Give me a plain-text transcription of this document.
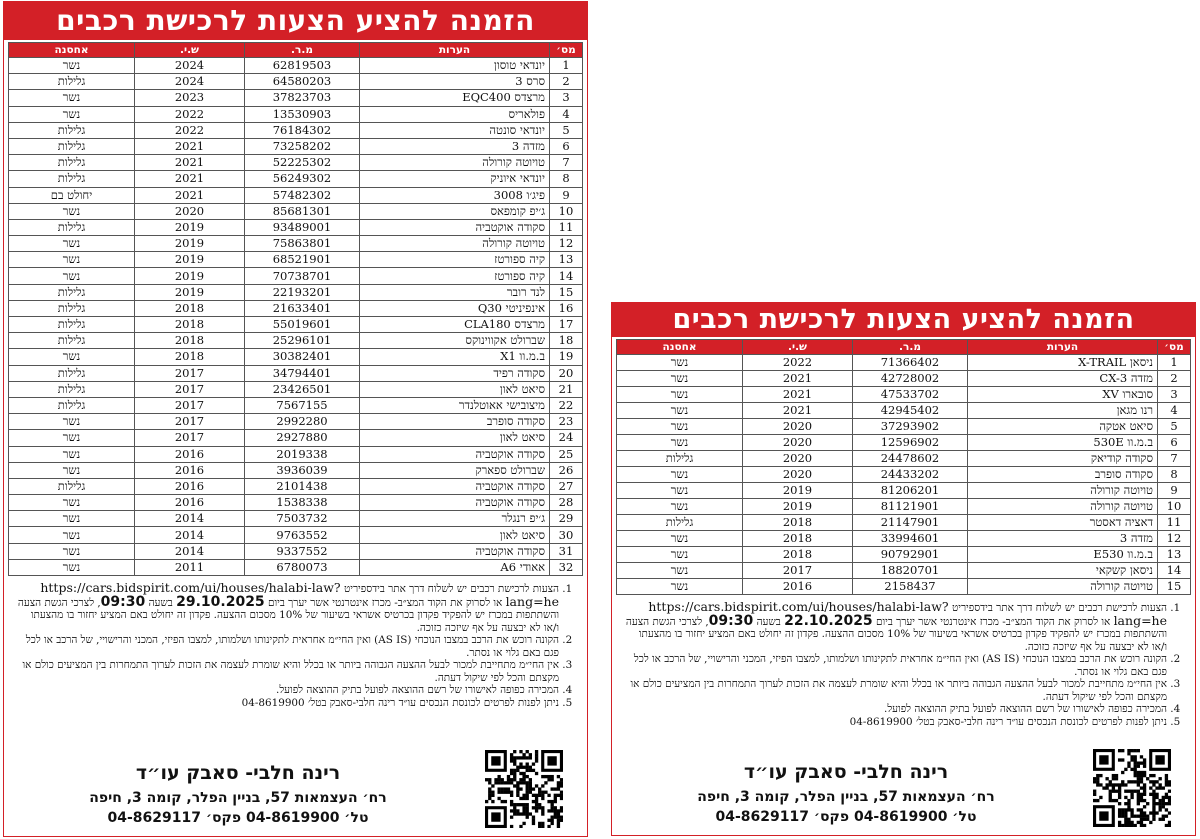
הזמנה להציע הצעות לרכישת רכבים
מס׳	הערות	מ.ר.	ש.י.	אחסנה
1	יונדאי טוסון	62819503	2024	נשר
2	סרס 3	64580203	2024	גלילות
3	מרצדס EQC400	37823703	2023	נשר
4	פולאריס	13530903	2022	נשר
5	יונדאי סונטה	76184302	2022	גלילות
6	מזדה 3	73258202	2021	גלילות
7	טויוטה קורולה	52225302	2021	גלילות
8	יונדאי איוניק	56249302	2021	גלילות
9	פיג׳ו 3008	57482302	2021	יחולט בם
10	ג׳יפ קומפאס	85681301	2020	נשר
11	סקודה אוקטביה	93489001	2019	גלילות
12	טויוטה קורולה	75863801	2019	נשר
13	קיה ספורטז	68521901	2019	נשר
14	קיה ספורטז	70738701	2019	נשר
15	לנד רובר	22193201	2019	גלילות
16	אינפיניטי Q30	21633401	2018	גלילות
17	מרצדס CLA180	55019601	2018	גלילות
18	שברולט אקווינוקס	25296101	2018	גלילות
19	ב.מ.וו X1	30382401	2018	נשר
20	סקודה רפיד	34794401	2017	גלילות
21	סיאט לאון	23426501	2017	גלילות
22	מיצובישי אאוטלנדר	7567155	2017	גלילות
23	סקודה סופרב	2992280	2017	נשר
24	סיאט לאון	2927880	2017	נשר
25	סקודה אוקטביה	2019338	2016	נשר
26	שברולט ספארק	3936039	2016	נשר
27	סקודה אוקטביה	2101438	2016	גלילות
28	סקודה אוקטביה	1538338	2016	נשר
29	ג׳יפ רנגלר	7503732	2014	נשר
30	סיאט לאון	9763552	2014	נשר
31	סקודה אוקטביה	9337552	2014	נשר
32	אאודי A6	6780073	2011	נשר
1. הצעות לרכישת רכבים יש לשלוח דרך אתר בידספיריט https://cars.bidspirit.com/ui/houses/halabi-law?lang=he או לסרוק את הקוד המצ״ב- מכרז אינטרנטי אשר יערך ביום 29.10.2025 בשעה 09:30, לצרכי הגשת הצעה והשתתפות במכרז יש להפקיד פקדון בכרטיס אשראי בשיעור של 10% מסכום ההצעה. פקדון זה יחולט באם המציע יחזור בו מהצעתו ו/או לא יבצעה על אף שיזכה כזוכה.
2. הקונה רוכש את הרכב במצבו הנוכחי (AS IS) ואין החי״מ אחראית לתקינותו ושלמותו, למצבו הפיזי, המכני והרישויי, של הרכב או לכל פגם באם גלוי או נסתר.
3. אין החי״מ מתחייבת למכור לבעל ההצעה הגבוהה ביותר או בכלל והיא שומרת לעצמה את הזכות לערוך התמחרות בין המציעים כולם או מקצתם והכל לפי שיקול דעתה.
4. המכירה כפופה לאישורו של רשם ההוצאה לפועל בתיק ההוצאה לפועל.
5. ניתן לפנות לפרטים לכונסת הנכסים עו״ד רינה חלבי-סאבק בטל׳ 04-8619900
רינה חלבי- סאבק עו״ד
רח׳ העצמאות 57, בניין הפלר, קומה 3, חיפה
טל׳ 04-8619900 פקס׳ 04-8629117
הזמנה להציע הצעות לרכישת רכבים
מס׳	הערות	מ.ר.	ש.י.	אחסנה
1	ניסאן X-TRAIL	71366402	2022	נשר
2	מזדה CX-3	42728002	2021	נשר
3	סובארו XV	47533702	2021	נשר
4	רנו מגאן	42945402	2021	נשר
5	סיאט אטקה	37293902	2020	נשר
6	ב.מ.וו 530E	12596902	2020	נשר
7	סקודה קודיאק	24478602	2020	גלילות
8	סקודה סופרב	24433202	2020	נשר
9	טויוטה קורולה	81206201	2019	נשר
10	טויוטה קורולה	81121901	2019	נשר
11	דאציה דאסטר	21147901	2018	גלילות
12	מזדה 3	33994601	2018	נשר
13	ב.מ.וו E530	90792901	2018	נשר
14	ניסאן קשקאי	18820701	2017	נשר
15	טויוטה קורולה	2158437	2016	נשר
1. הצעות לרכישת רכבים יש לשלוח דרך אתר בידספיריט https://cars.bidspirit.com/ui/houses/halabi-law?lang=he או לסרוק את הקוד המצ״ב- מכרז אינטרנטי אשר יערך ביום 22.10.2025 בשעה 09:30, לצרכי הגשת הצעה והשתתפות במכרז יש להפקיד פקדון בכרטיס אשראי בשיעור של 10% מסכום ההצעה. פקדון זה יחולט באם המציע יחזור בו מהצעתו ו/או לא יבצעה על אף שיזכה כזוכה.
2. הקונה רוכש את הרכב במצבו הנוכחי (AS IS) ואין החי״מ אחראית לתקינותו ושלמותו, למצבו הפיזי, המכני והרישויי, של הרכב או לכל פגם באם גלוי או נסתר.
3. אין החי״מ מתחייבת למכור לבעל ההצעה הגבוהה ביותר או בכלל והיא שומרת לעצמה את הזכות לערוך התמחרות בין המציעים כולם או מקצתם והכל לפי שיקול דעתה.
4. המכירה כפופה לאישורו של רשם ההוצאה לפועל בתיק ההוצאה לפועל.
5. ניתן לפנות לפרטים לכונסת הנכסים עו״ד רינה חלבי-סאבק בטל׳ 04-8619900
רינה חלבי- סאבק עו״ד
רח׳ העצמאות 57, בניין הפלר, קומה 3, חיפה
טל׳ 04-8619900 פקס׳ 04-8629117
